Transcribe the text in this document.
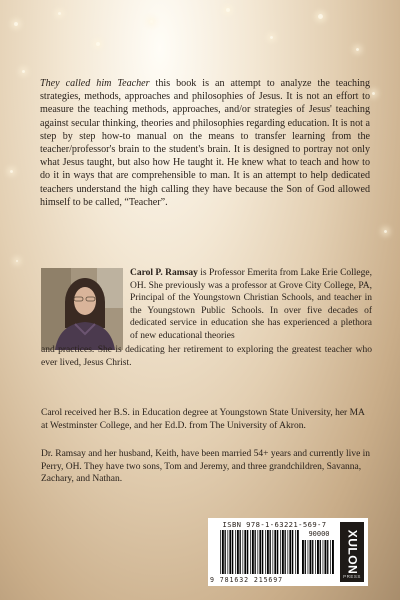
They called him Teacher this book is an attempt to analyze the teaching strategies, methods, approaches and philosophies of Jesus. It is not an effort to measure the teaching methods, approaches, and/or strategies of Jesus' teaching against secular thinking, theories and philosophies regarding education. It is not a step by step how-to manual on the means to transfer learning from the teacher/professor's brain to the student's brain. It is designed to portray not only what Jesus taught, but also how He taught it. He knew what to teach and how to do it in ways that are comprehensible to man. It is an attempt to help dedicated teachers understand the high calling they have because the Son of God allowed himself to be called, “Teacher”.
Carol P. Ramsay is Professor Emerita from Lake Erie College, OH. She previously was a professor at Grove City College, PA, Principal of the Youngstown Christian Schools, and teacher in the Youngstown Public Schools. In over five decades of dedicated service in education she has experienced a plethora of new educational theories
and practices. She is dedicating her retirement to exploring the greatest teacher who ever lived, Jesus Christ.
Carol received her B.S. in Education degree at Youngstown State University, her MA at Westminster College, and her Ed.D. from The University of Akron.
Dr. Ramsay and her husband, Keith, have been married 54+ years and currently live in Perry, OH. They have two sons, Tom and Jeremy, and three grandchildren, Savanna, Zachary, and Nathan.
ISBN 978-1-63221-569-7
90000
9 781632 215697
XULON
PRESS
